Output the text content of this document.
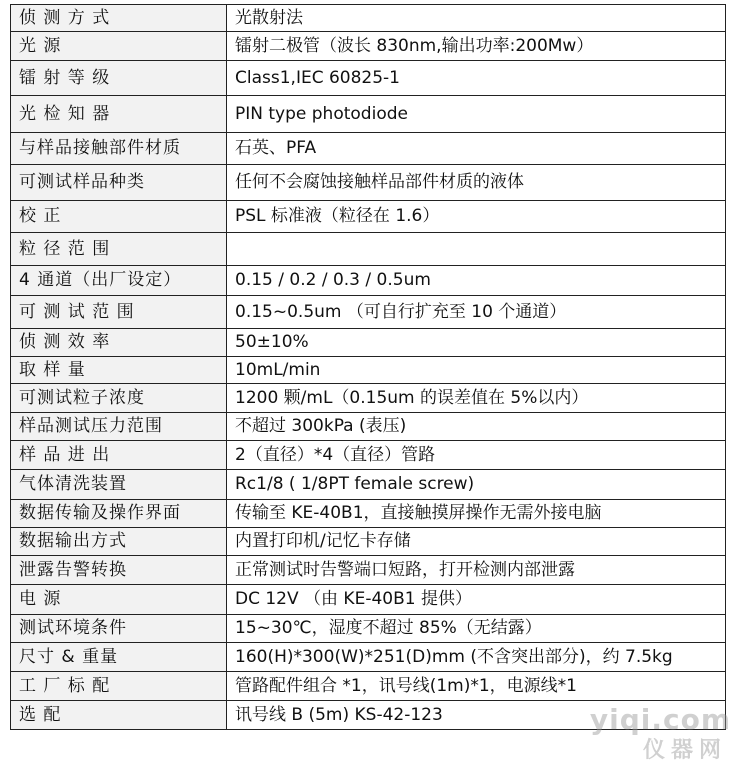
侦 测 方 式	光散射法
光 源	镭射二极管（波长 830nm,输出功率:200Mw）
镭 射 等 级	Class1,IEC 60825-1
光 检 知 器	PIN type photodiode
与样品接触部件材质	石英、PFA
可测试样品种类	任何不会腐蚀接触样品部件材质的液体
校 正	PSL 标准液（粒径在 1.6）
粒 径 范 围	
4 通道（出厂设定）	0.15 / 0.2 / 0.3 / 0.5um
可 测 试 范 围	0.15~0.5um （可自行扩充至 10 个通道）
侦 测 效 率	50±10%
取 样 量	10mL/min
可测试粒子浓度	1200 颗/mL（0.15um 的误差值在 5%以内）
样品测试压力范围	不超过 300kPa (表压)
样 品 进 出	2（直径）*4（直径）管路
气体清洗装置	Rc1/8 ( 1/8PT female screw)
数据传输及操作界面	传输至 KE-40B1，直接触摸屏操作无需外接电脑
数据输出方式	内置打印机/记忆卡存储
泄露告警转换	正常测试时告警端口短路，打开检测内部泄露
电 源	DC 12V （由 KE-40B1 提供）
测试环境条件	15~30℃，湿度不超过 85%（无结露）
尺寸 & 重量	160(H)*300(W)*251(D)mm (不含突出部分)，约 7.5kg
工 厂 标 配	管路配件组合 *1，讯号线(1m)*1，电源线*1
选 配	讯号线 B (5m) KS-42-123	yiqi.com
仪器网
